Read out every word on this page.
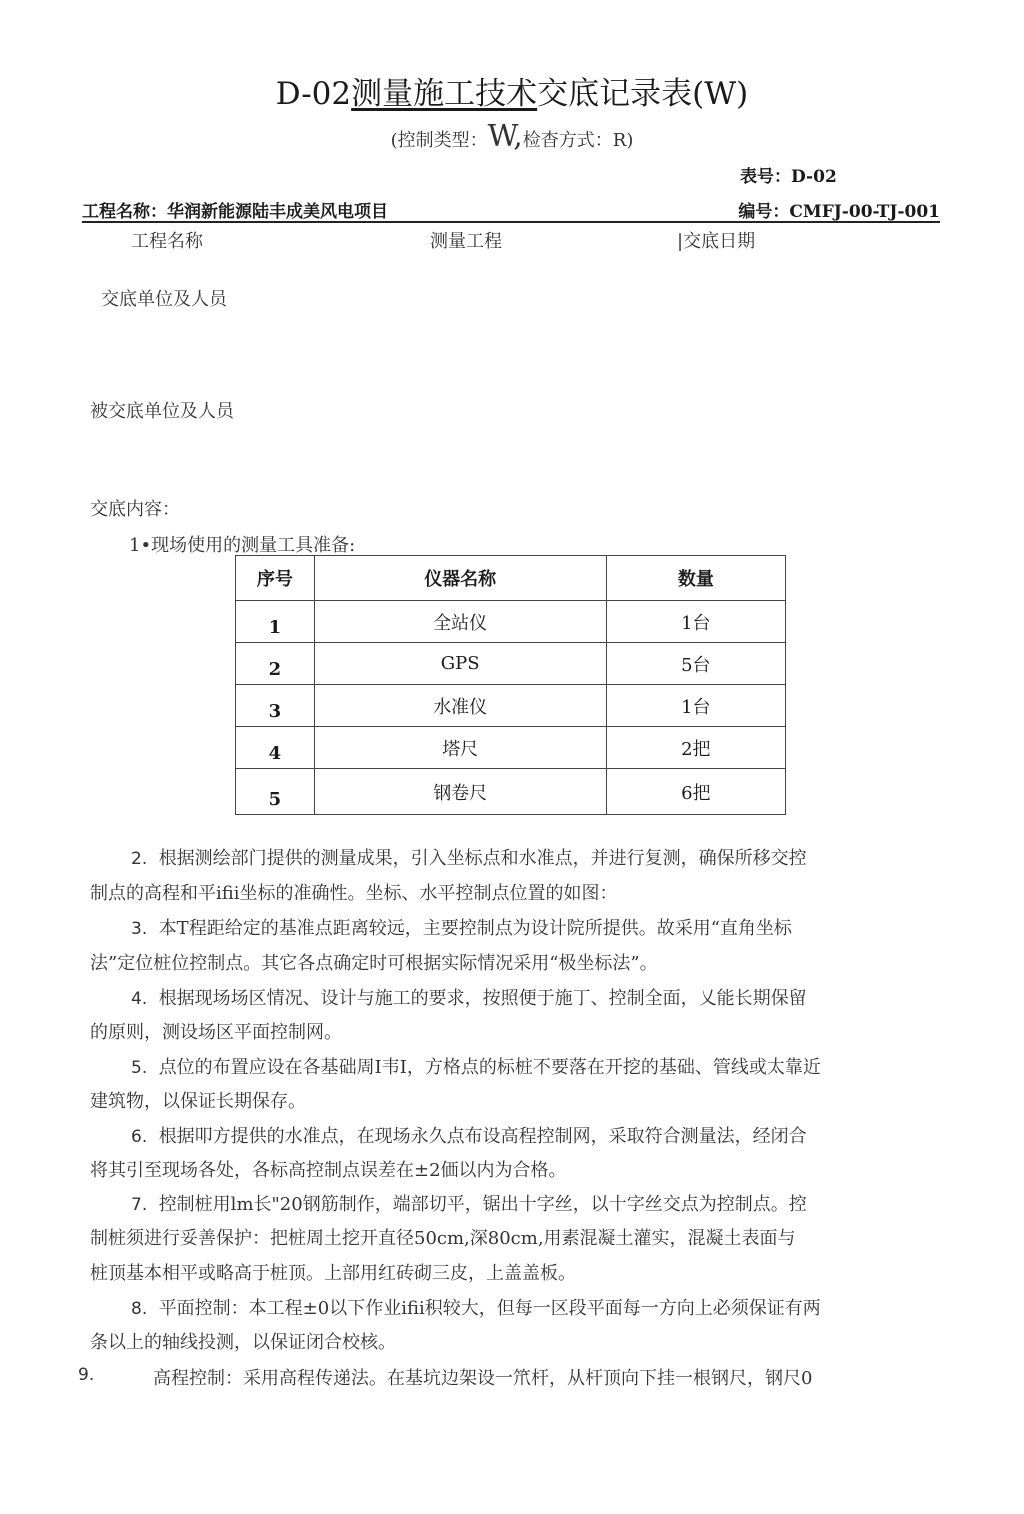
D-02测量施工技术交底记录表(W)
(控制类型：W,检杳方式：R)
表号：D-02
工程名称：华润新能源陆丰成美风电项目	编号：CMFJ-00-TJ-001
工程名称	测量工程	|交底日期
交底单位及人员
被交底单位及人员
交底内容：
1•现场使用的测量工具准备:
序号	仪器名称	数量
1	全站仪	1台
2	GPS	5台
3	水准仪	1台
4	塔尺	2把
5	钢卷尺	6把
2. 根据测绘部门提供的测量成果，引入坐标点和水准点，并进行复测，确保所移交控
制点的高程和平ifii坐标的准确性。坐标、水平控制点位置的如图：
3. 本T程距给定的基准点距离较远，主要控制点为设计院所提供。故采用“直角坐标
法”定位桩位控制点。其它各点确定时可根据实际情况采用“极坐标法”。
4. 根据现场场区情况、设计与施工的要求，按照便于施丁、控制全面，乂能长期保留
的原则，测设场区平面控制网。
5. 点位的布置应设在各基础周I韦I，方格点的标桩不要落在开挖的基础、管线或太靠近
建筑物，以保证长期保存。
6. 根据叩方提供的水准点，在现场永久点布设高程控制网，采取符合测量法，经闭合
将其引至现场各处，各标高控制点误差在±2価以内为合格。
7. 控制桩用lm长"20钢筋制作，端部切平，锯出十字丝，以十字丝交点为控制点。控
制桩须进行妥善保护：把桩周土挖开直径50cm,深80cm,用素混凝土灌实，混凝土表面与
桩顶基本相平或略高于桩顶。上部用红砖砌三皮，上盖盖板。
8. 平面控制：本工程±0以下作业ifii积较大，但每一区段平面每一方向上必须保证有两
条以上的轴线投测，以保证闭合校核。
9.	高程控制：采用高程传递法。在基坑边架设一笊杆，从杆顶向下挂一根钢尺，钢尺0
